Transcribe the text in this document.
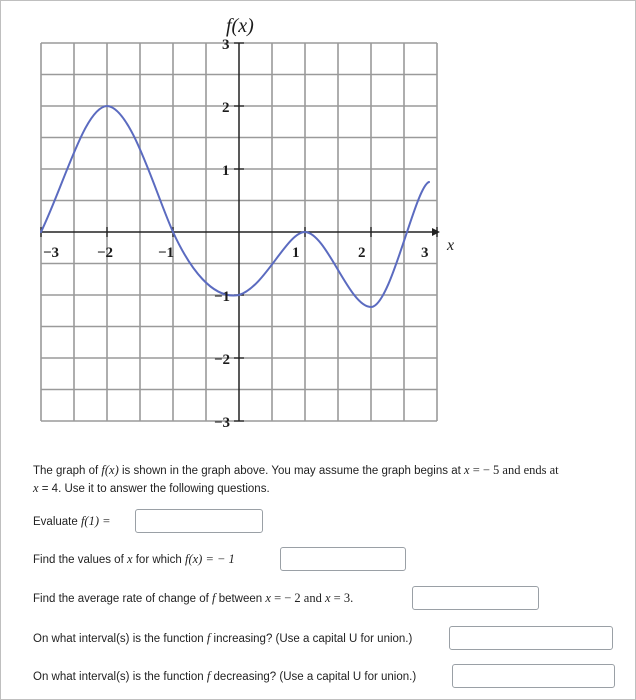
f(x)
x
−3	−2	−1	1	2	3
3
2
1
−1
−2
−3
The graph of f(x) is shown in the graph above. You may assume the graph begins at x = − 5 and ends at
x = 4. Use it to answer the following questions.
Evaluate f(1) =
Find the values of x for which f(x) = − 1
Find the average rate of change of f between x = − 2 and x = 3.
On what interval(s) is the function f increasing? (Use a capital U for union.)
On what interval(s) is the function f decreasing? (Use a capital U for union.)
